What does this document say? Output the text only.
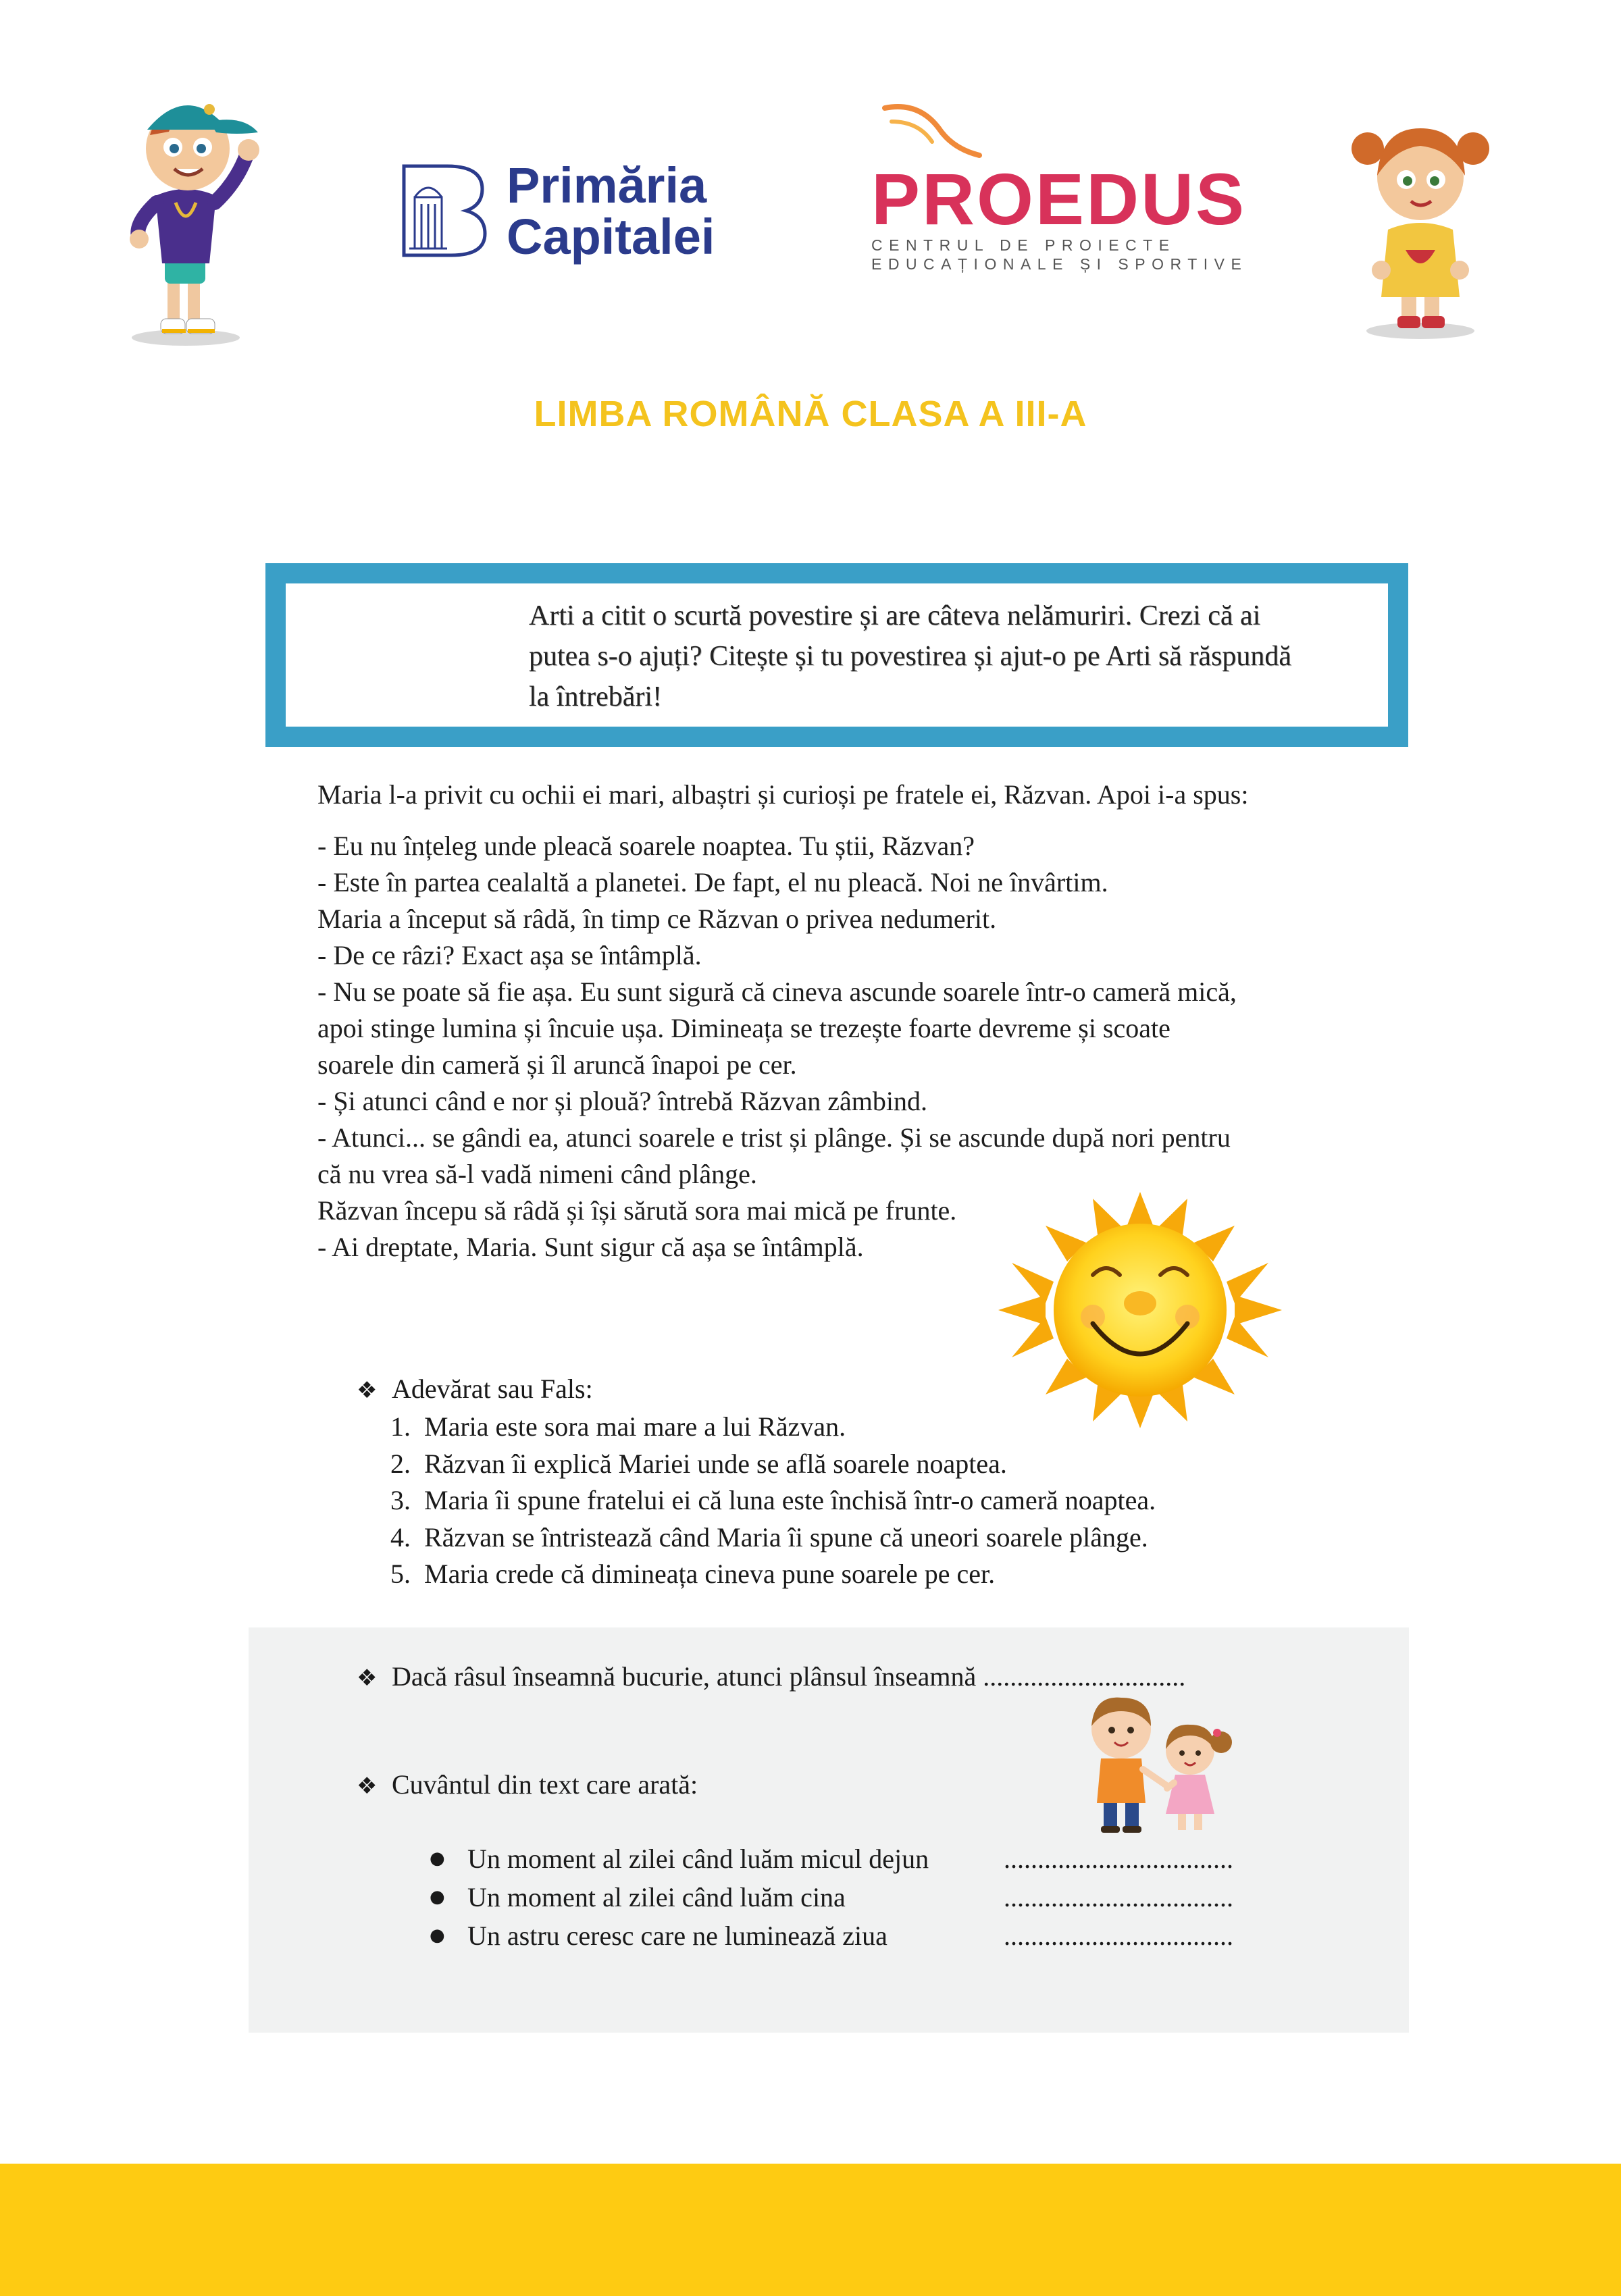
Primăria
Capitalei PROEDUS
CENTRUL DE PROIECTE
EDUCAȚIONALE ȘI SPORTIVE
LIMBA ROMÂNĂ CLASA A III-A
Arti a citit o scurtă povestire și are câteva nelămuriri. Crezi că ai putea s-o ajuți? Citește și tu povestirea și ajut-o pe Arti să răspundă la întrebări!

Maria l-a privit cu ochii ei mari, albaștri și curioși pe fratele ei, Răzvan. Apoi i-a spus:

- Eu nu înțeleg unde pleacă soarele noaptea. Tu știi, Răzvan?

- Este în partea cealaltă a planetei. De fapt, el nu pleacă. Noi ne învârtim.

Maria a început să râdă, în timp ce Răzvan o privea nedumerit.

- De ce râzi? Exact așa se întâmplă.

- Nu se poate să fie așa. Eu sunt sigură că cineva ascunde soarele într-o cameră mică, apoi stinge lumina și încuie ușa. Dimineața se trezește foarte devreme și scoate soarele din cameră și îl aruncă înapoi pe cer.

- Și atunci când e nor și plouă? întrebă Răzvan zâmbind.

- Atunci... se gândi ea, atunci soarele e trist și plânge. Și se ascunde după nori pentru că nu vrea să-l vadă nimeni când plânge.

Răzvan începu să râdă și își sărută sora mai mică pe frunte.

- Ai dreptate, Maria. Sunt sigur că așa se întâmplă.

❖ Adevărat sau Fals:
1. Maria este sora mai mare a lui Răzvan.
2. Răzvan îi explică Mariei unde se află soarele noaptea.
3. Maria îi spune fratelui ei că luna este închisă într-o cameră noaptea.
4. Răzvan se întristează când Maria îi spune că uneori soarele plânge.
5. Maria crede că dimineața cineva pune soarele pe cer.
❖ Dacă râsul înseamnă bucurie, atunci plânsul înseamnă ..............................
❖ Cuvântul din text care arată:
● Un moment al zilei când luăm micul dejun	..................................
● Un moment al zilei când luăm cina	..................................
● Un astru ceresc care ne luminează ziua	..................................
